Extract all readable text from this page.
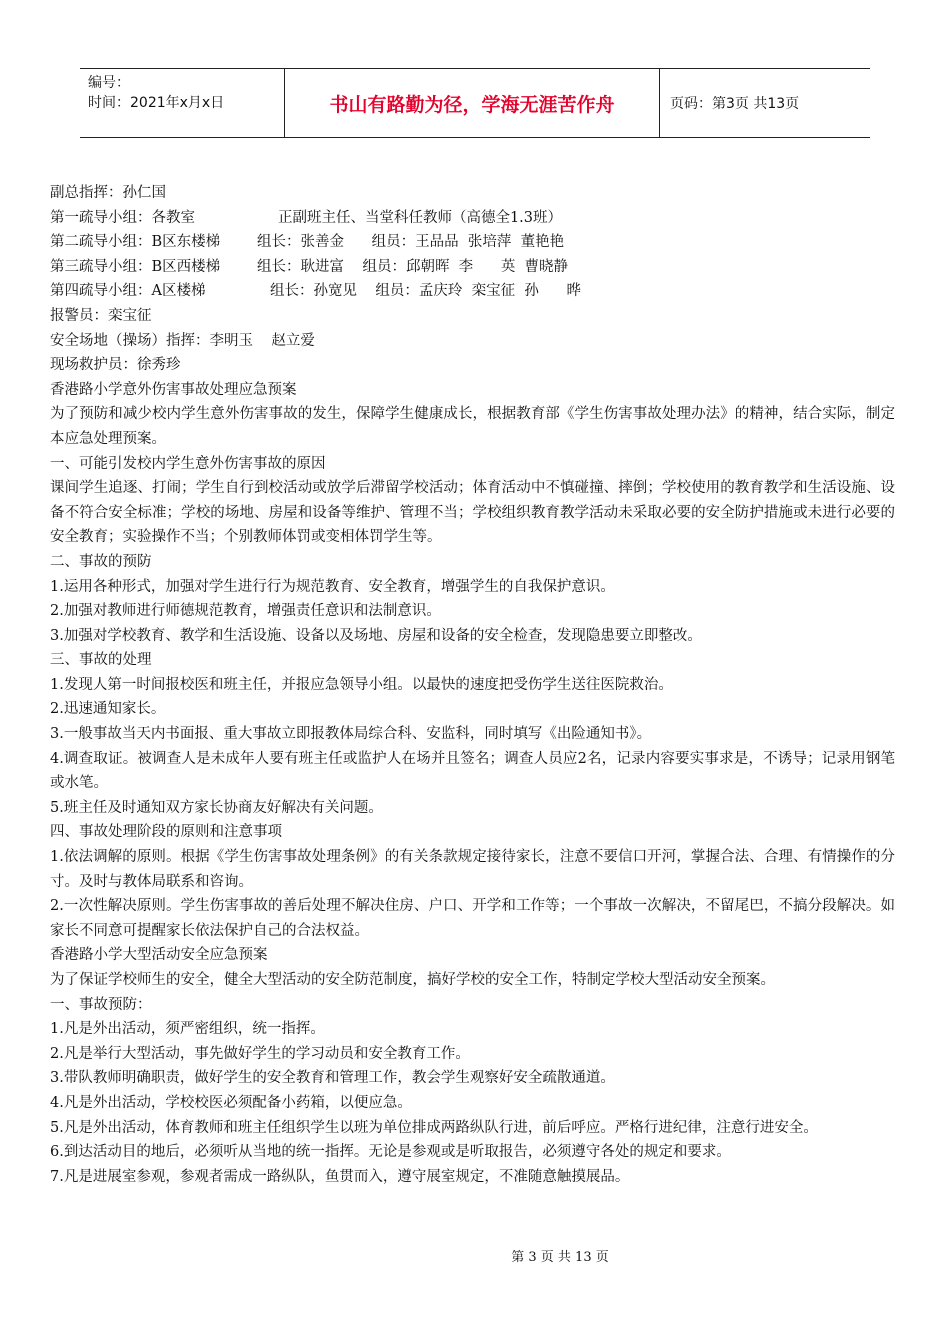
编号：
时间：2021年x月x日	书山有路勤为径，学海无涯苦作舟	页码：第3页 共13页
副总指挥：孙仁国
第一疏导小组：各教室                  正副班主任、当堂科任教师（高德全1.3班）
第二疏导小组：B区东楼梯        组长：张善金      组员：王品品  张培萍  董艳艳
第三疏导小组：B区西楼梯        组长：耿进富    组员：邱朝晖  李      英  曹晓静
第四疏导小组：A区楼梯              组长：孙宽见    组员：孟庆玲  栾宝征  孙      晔
报警员：栾宝征
安全场地（操场）指挥：李明玉    赵立爱
现场救护员：徐秀珍
香港路小学意外伤害事故处理应急预案
为了预防和减少校内学生意外伤害事故的发生，保障学生健康成长，根据教育部《学生伤害事故处理办法》的精神，结合实际，制定本应急处理预案。
一、可能引发校内学生意外伤害事故的原因
课间学生追逐、打闹；学生自行到校活动或放学后滞留学校活动；体育活动中不慎碰撞、摔倒；学校使用的教育教学和生活设施、设备不符合安全标准；学校的场地、房屋和设备等维护、管理不当；学校组织教育教学活动未采取必要的安全防护措施或未进行必要的安全教育；实验操作不当；个别教师体罚或变相体罚学生等。
二、事故的预防
1.运用各种形式，加强对学生进行行为规范教育、安全教育，增强学生的自我保护意识。
2.加强对教师进行师德规范教育，增强责任意识和法制意识。
3.加强对学校教育、教学和生活设施、设备以及场地、房屋和设备的安全检查，发现隐患要立即整改。
三、事故的处理
1.发现人第一时间报校医和班主任，并报应急领导小组。以最快的速度把受伤学生送往医院救治。
2.迅速通知家长。
3.一般事故当天内书面报、重大事故立即报教体局综合科、安监科，同时填写《出险通知书》。
4.调查取证。被调查人是未成年人要有班主任或监护人在场并且签名；调查人员应2名，记录内容要实事求是，不诱导；记录用钢笔或水笔。
5.班主任及时通知双方家长协商友好解决有关问题。
四、事故处理阶段的原则和注意事项
1.依法调解的原则。根据《学生伤害事故处理条例》的有关条款规定接待家长，注意不要信口开河，掌握合法、合理、有情操作的分寸。及时与教体局联系和咨询。
2.一次性解决原则。学生伤害事故的善后处理不解决住房、户口、开学和工作等；一个事故一次解决，不留尾巴，不搞分段解决。如家长不同意可提醒家长依法保护自己的合法权益。
香港路小学大型活动安全应急预案
为了保证学校师生的安全，健全大型活动的安全防范制度，搞好学校的安全工作，特制定学校大型活动安全预案。
一、事故预防：
1.凡是外出活动，须严密组织，统一指挥。
2.凡是举行大型活动，事先做好学生的学习动员和安全教育工作。
3.带队教师明确职责，做好学生的安全教育和管理工作，教会学生观察好安全疏散通道。
4.凡是外出活动，学校校医必须配备小药箱，以便应急。
5.凡是外出活动，体育教师和班主任组织学生以班为单位排成两路纵队行进，前后呼应。严格行进纪律，注意行进安全。
6.到达活动目的地后，必须听从当地的统一指挥。无论是参观或是听取报告，必须遵守各处的规定和要求。
7.凡是进展室参观，参观者需成一路纵队，鱼贯而入，遵守展室规定，不准随意触摸展品。
第 3 页 共 13 页
